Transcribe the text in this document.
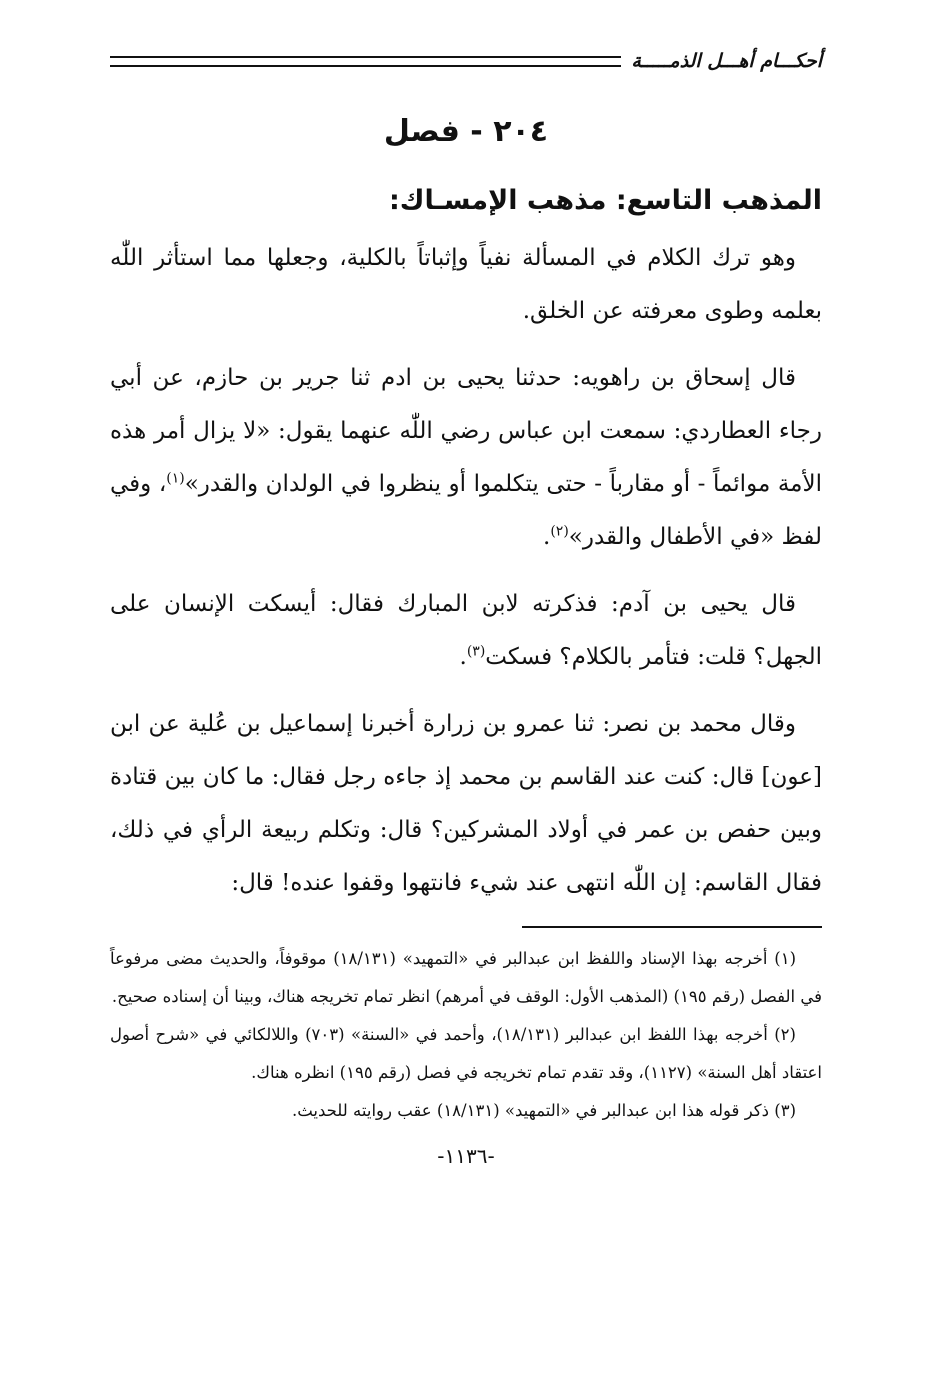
أحكـــام أهـــل الذمـــــة
٢٠٤ - فصل
المذهب التاسع: مذهب الإمسـاك:

وهو ترك الكلام في المسألة نفياً وإثباتاً بالكلية، وجعلها مما استأثر اللّٰه بعلمه وطوى معرفته عن الخلق.

قال إسحاق بن راهويه: حدثنا يحيى بن ادم ثنا جرير بن حازم، عن أبي رجاء العطاردي: سمعت ابن عباس رضي اللّٰه عنهما يقول: «لا يزال أمر هذه الأمة موائماً - أو مقارباً - حتى يتكلموا أو ينظروا في الولدان والقدر»$^{(١)}$، وفي لفظ «في الأطفال والقدر»$^{(٢)}$.

قال يحيى بن آدم: فذكرته لابن المبارك فقال: أيسكت الإنسان على الجهل؟ قلت: فتأمر بالكلام؟ فسكت$^{(٣)}$.

وقال محمد بن نصر: ثنا عمرو بن زرارة أخبرنا إسماعيل بن عُلية عن ابن [عون] قال: كنت عند القاسم بن محمد إذ جاءه رجل فقال: ما كان بين قتادة وبين حفص بن عمر في أولاد المشركين؟ قال: وتكلم ربيعة الرأي في ذلك، فقال القاسم: إن اللّٰه انتهى عند شيء فانتهوا وقفوا عنده! قال:

(١) أخرجه بهذا الإسناد واللفظ ابن عبدالبر في «التمهيد» (١٨/١٣١) موقوفاً، والحديث مضى مرفوعاً في الفصل (رقم ١٩٥) (المذهب الأول: الوقف في أمرهم) انظر تمام تخريجه هناك، وبينا أن إسناده صحيح.

(٢) أخرجه بهذا اللفظ ابن عبدالبر (١٨/١٣١)، وأحمد في «السنة» (٧٠٣) واللالكائي في «شرح أصول اعتقاد أهل السنة» (١١٢٧)، وقد تقدم تمام تخريجه في فصل (رقم ١٩٥) انظره هناك.

(٣) ذكر قوله هذا ابن عبدالبر في «التمهيد» (١٨/١٣١) عقب روايته للحديث.

-١١٣٦-
